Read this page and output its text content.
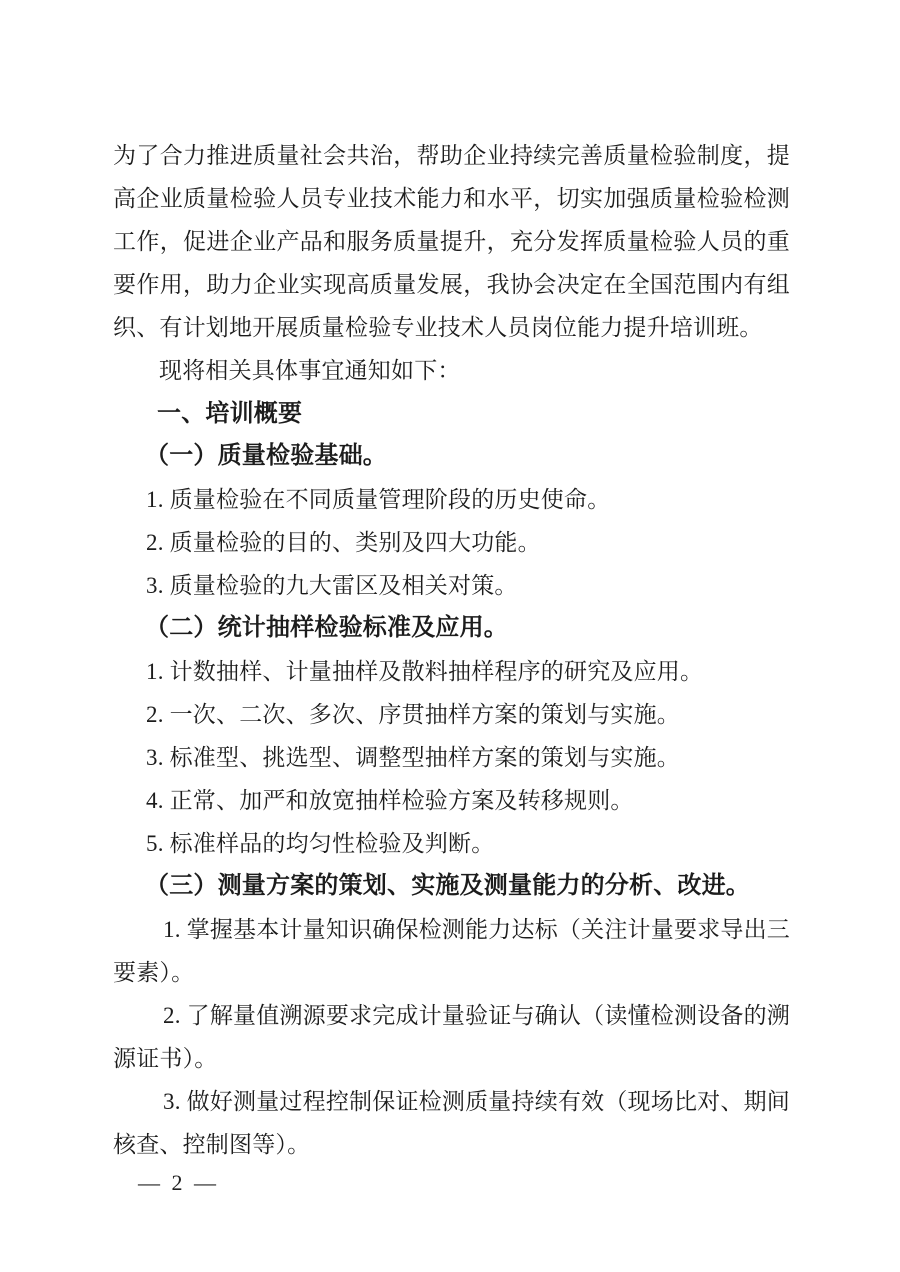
为了合力推进质量社会共治，帮助企业持续完善质量检验制度，提高企业质量检验人员专业技术能力和水平，切实加强质量检验检测工作，促进企业产品和服务质量提升，充分发挥质量检验人员的重要作用，助力企业实现高质量发展，我协会决定在全国范围内有组织、有计划地开展质量检验专业技术人员岗位能力提升培训班。

现将相关具体事宜通知如下：

一、培训概要

（一）质量检验基础。

1. 质量检验在不同质量管理阶段的历史使命。

2. 质量检验的目的、类别及四大功能。

3. 质量检验的九大雷区及相关对策。

（二）统计抽样检验标准及应用。

1. 计数抽样、计量抽样及散料抽样程序的研究及应用。

2. 一次、二次、多次、序贯抽样方案的策划与实施。

3. 标准型、挑选型、调整型抽样方案的策划与实施。

4. 正常、加严和放宽抽样检验方案及转移规则。

5. 标准样品的均匀性检验及判断。

（三）测量方案的策划、实施及测量能力的分析、改进。

1. 掌握基本计量知识确保检测能力达标（关注计量要求导出三要素）。

2. 了解量值溯源要求完成计量验证与确认（读懂检测设备的溯源证书）。

3. 做好测量过程控制保证检测质量持续有效（现场比对、期间核查、控制图等）。

— 2 —
